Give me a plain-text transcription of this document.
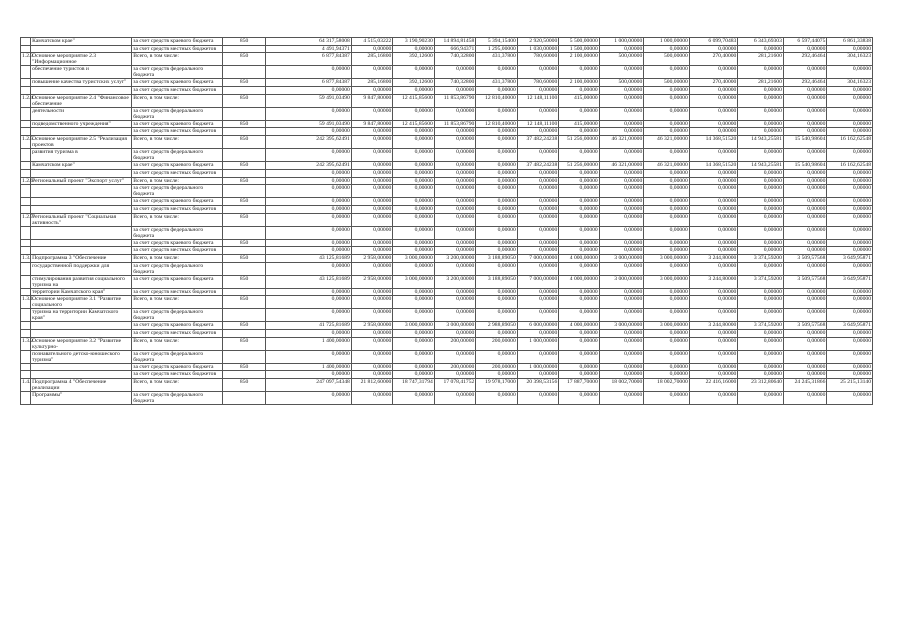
	Камчатском крае"	за счет средств краевого бюджета	850	64 317,58008	4 515,03222	3 190,90230	14 894,81458	5 394,15400	2 920,50000	5 500,00000	1 000,00000	1 000,00000	6 099,70483	6 343,69303	6 597,44075	6 861,33838
		за счет средств местных бюджетов		4 491,94371	0,00000	0,00000	666,94371	1 295,00000	1 030,00000	1 500,00000	0,00000	0,00000	0,00000	0,00000	0,00000	0,00000
1.2.3.	Основное мероприятие 2.3 "Информационное	Всего, в том числе:	850	6 877,84387	285,16800	392,12600	740,32800	431,37800	780,60000	2 100,00000	500,00000	500,00000	270,40000	281,21600	292,46464	304,16323
	обеспечение туристов и	за счет средств федерального бюджета		0,00000	0,00000	0,00000	0,00000	0,00000	0,00000	0,00000	0,00000	0,00000	0,00000	0,00000	0,00000	0,00000
	повышение качества туристских услуг"	за счет средств краевого бюджета	850	6 877,84387	285,16800	392,12600	740,32800	431,37800	780,60000	2 100,00000	500,00000	500,00000	270,40000	281,21600	292,46464	304,16323
		за счет средств местных бюджетов		0,00000	0,00000	0,00000	0,00000	0,00000	0,00000	0,00000	0,00000	0,00000	0,00000	0,00000	0,00000	0,00000
1.2.4.	Основное мероприятие 2.4 "Финансовое обеспечение	Всего, в том числе:	850	59 491,03490	9 847,80000	12 415,85600	11 853,86790	12 810,40000	12 148,11100	415,00000	0,00000	0,00000	0,00000	0,00000	0,00000	0,00000
	деятельности	за счет средств федерального бюджета		0,00000	0,00000	0,00000	0,00000	0,00000	0,00000	0,00000	0,00000	0,00000	0,00000	0,00000	0,00000	0,00000
	подведомственного учреждения"	за счет средств краевого бюджета	850	59 491,03490	9 847,80000	12 415,85600	11 853,86790	12 810,40000	12 148,11100	415,00000	0,00000	0,00000	0,00000	0,00000	0,00000	0,00000
		за счет средств местных бюджетов		0,00000	0,00000	0,00000	0,00000	0,00000	0,00000	0,00000	0,00000	0,00000	0,00000	0,00000	0,00000	0,00000
1.2.5.	Основное мероприятие 2.5 "Реализация проектов	Всего, в том числе:	850	242 395,62491	0,00000	0,00000	0,00000	0,00000	37 482,24238	51 256,00000	46 321,00000	46 321,00000	14 368,51520	14 943,25581	15 540,98604	16 162,62548
	развития туризма в	за счет средств федерального бюджета		0,00000	0,00000	0,00000	0,00000	0,00000	0,00000	0,00000	0,00000	0,00000	0,00000	0,00000	0,00000	0,00000
	Камчатском крае"	за счет средств краевого бюджета	850	242 395,62491	0,00000	0,00000	0,00000	0,00000	37 482,24238	51 256,00000	46 321,00000	46 321,00000	14 368,51520	14 943,25581	15 540,98604	16 162,62548
		за счет средств местных бюджетов		0,00000	0,00000	0,00000	0,00000	0,00000	0,00000	0,00000	0,00000	0,00000	0,00000	0,00000	0,00000	0,00000
1.2.6.	Региональный проект "Экспорт услуг"	Всего, в том числе:	850	0,00000	0,00000	0,00000	0,00000	0,00000	0,00000	0,00000	0,00000	0,00000	0,00000	0,00000	0,00000	0,00000
		за счет средств федерального бюджета		0,00000	0,00000	0,00000	0,00000	0,00000	0,00000	0,00000	0,00000	0,00000	0,00000	0,00000	0,00000	0,00000
		за счет средств краевого бюджета	850	0,00000	0,00000	0,00000	0,00000	0,00000	0,00000	0,00000	0,00000	0,00000	0,00000	0,00000	0,00000	0,00000
		за счет средств местных бюджетов		0,00000	0,00000	0,00000	0,00000	0,00000	0,00000	0,00000	0,00000	0,00000	0,00000	0,00000	0,00000	0,00000
1.2.7.	Региональный проект "Социальная активность"	Всего, в том числе:	850	0,00000	0,00000	0,00000	0,00000	0,00000	0,00000	0,00000	0,00000	0,00000	0,00000	0,00000	0,00000	0,00000
		за счет средств федерального бюджета		0,00000	0,00000	0,00000	0,00000	0,00000	0,00000	0,00000	0,00000	0,00000	0,00000	0,00000	0,00000	0,00000
		за счет средств краевого бюджета	850	0,00000	0,00000	0,00000	0,00000	0,00000	0,00000	0,00000	0,00000	0,00000	0,00000	0,00000	0,00000	0,00000
		за счет средств местных бюджетов		0,00000	0,00000	0,00000	0,00000	0,00000	0,00000	0,00000	0,00000	0,00000	0,00000	0,00000	0,00000	0,00000
1.3.	Подпрограмма 3 "Обеспечение	Всего, в том числе:	850	43 125,81689	2 958,00000	3 000,00000	3 200,00000	3 188,89050	7 000,00000	4 000,00000	3 000,00000	3 000,00000	3 244,80000	3 374,59200	3 509,57568	3 649,95871
	государственной поддержки для	за счет средств федерального бюджета		0,00000	0,00000	0,00000	0,00000	0,00000	0,00000	0,00000	0,00000	0,00000	0,00000	0,00000	0,00000	0,00000
	стимулирования развития социального туризма на	за счет средств краевого бюджета	850	43 125,81689	2 958,00000	3 000,00000	3 200,00000	3 188,89050	7 000,00000	4 000,00000	3 000,00000	3 000,00000	3 244,80000	3 374,59200	3 509,57568	3 649,95871
	территории Камчатского края"	за счет средств местных бюджетов		0,00000	0,00000	0,00000	0,00000	0,00000	0,00000	0,00000	0,00000	0,00000	0,00000	0,00000	0,00000	0,00000
1.3.1.	Основное мероприятие 3.1 "Развитие социального	Всего, в том числе:	850	0,00000	0,00000	0,00000	0,00000	0,00000	0,00000	0,00000	0,00000	0,00000	0,00000	0,00000	0,00000	0,00000
	туризма на территории Камчатского края"	за счет средств федерального бюджета		0,00000	0,00000	0,00000	0,00000	0,00000	0,00000	0,00000	0,00000	0,00000	0,00000	0,00000	0,00000	0,00000
		за счет средств краевого бюджета	850	41 725,81689	2 958,00000	3 000,00000	3 000,00000	2 988,89050	6 000,00000	4 000,00000	3 000,00000	3 000,00000	3 244,80000	3 374,59200	3 509,57568	3 649,95871
		за счет средств местных бюджетов		0,00000	0,00000	0,00000	0,00000	0,00000	0,00000	0,00000	0,00000	0,00000	0,00000	0,00000	0,00000	0,00000
1.3.2.	Основное мероприятие 3.2 "Развитие культурно-	Всего, в том числе:	850	1 400,00000	0,00000	0,00000	200,00000	200,00000	1 000,00000	0,00000	0,00000	0,00000	0,00000	0,00000	0,00000	0,00000
	познавательного детско-юношеского туризма"	за счет средств федерального бюджета		0,00000	0,00000	0,00000	0,00000	0,00000	0,00000	0,00000	0,00000	0,00000	0,00000	0,00000	0,00000	0,00000
		за счет средств краевого бюджета	850	1 400,00000	0,00000	0,00000	200,00000	200,00000	1 000,00000	0,00000	0,00000	0,00000	0,00000	0,00000	0,00000	0,00000
		за счет средств местных бюджетов		0,00000	0,00000	0,00000	0,00000	0,00000	0,00000	0,00000	0,00000	0,00000	0,00000	0,00000	0,00000	0,00000
1.4.	Подпрограмма 4 "Обеспечение реализации	Всего, в том числе:	850	247 097,54348	21 812,60000	18 747,31794	17 078,41752	19 978,17000	20 398,53156	17 887,70000	18 002,70000	18 002,70000	22 416,16000	23 312,80640	24 245,31866	25 215,13140
	Программы"	за счет средств федерального бюджета		0,00000	0,00000	0,00000	0,00000	0,00000	0,00000	0,00000	0,00000	0,00000	0,00000	0,00000	0,00000	0,00000
